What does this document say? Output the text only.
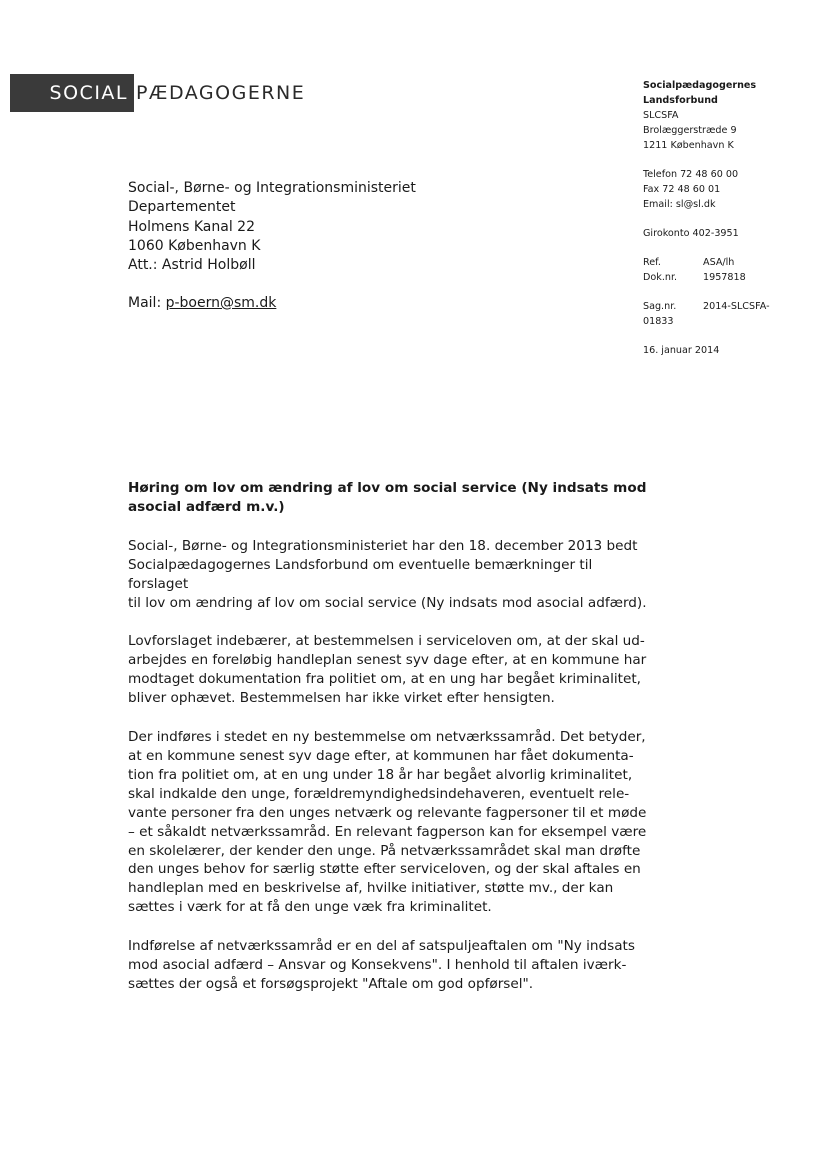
SOCIAL PÆDAGOGERNE	Socialpædagogernes
Landsforbund
SLCSFA
Brolæggerstræde 9
1211 København K
Telefon 72 48 60 00
Fax 72 48 60 01
Email: sl@sl.dk
Girokonto 402-3951
Ref.	ASA/lh
Dok.nr.	1957818
Sag.nr.	2014-SLCSFA-
01833
16. januar 2014
Social-, Børne- og Integrationsministeriet
Departementet
Holmens Kanal 22
1060 København K
Att.: Astrid Holbøll
Mail: p-boern@sm.dk
Høring om lov om ændring af lov om social service (Ny indsats mod
asocial adfærd m.v.)
Social-, Børne- og Integrationsministeriet har den 18. december 2013 bedt
Socialpædagogernes Landsforbund om eventuelle bemærkninger til forslaget
til lov om ændring af lov om social service (Ny indsats mod asocial adfærd).
Lovforslaget indebærer, at bestemmelsen i serviceloven om, at der skal ud-
arbejdes en foreløbig handleplan senest syv dage efter, at en kommune har
modtaget dokumentation fra politiet om, at en ung har begået kriminalitet,
bliver ophævet. Bestemmelsen har ikke virket efter hensigten.
Der indføres i stedet en ny bestemmelse om netværkssamråd. Det betyder,
at en kommune senest syv dage efter, at kommunen har fået dokumenta-
tion fra politiet om, at en ung under 18 år har begået alvorlig kriminalitet,
skal indkalde den unge, forældremyndighedsindehaveren, eventuelt rele-
vante personer fra den unges netværk og relevante fagpersoner til et møde
– et såkaldt netværkssamråd. En relevant fagperson kan for eksempel være
en skolelærer, der kender den unge. På netværkssamrådet skal man drøfte
den unges behov for særlig støtte efter serviceloven, og der skal aftales en
handleplan med en beskrivelse af, hvilke initiativer, støtte mv., der kan
sættes i værk for at få den unge væk fra kriminalitet.
Indførelse af netværkssamråd er en del af satspuljeaftalen om "Ny indsats
mod asocial adfærd – Ansvar og Konsekvens". I henhold til aftalen iværk-
sættes der også et forsøgsprojekt "Aftale om god opførsel".
